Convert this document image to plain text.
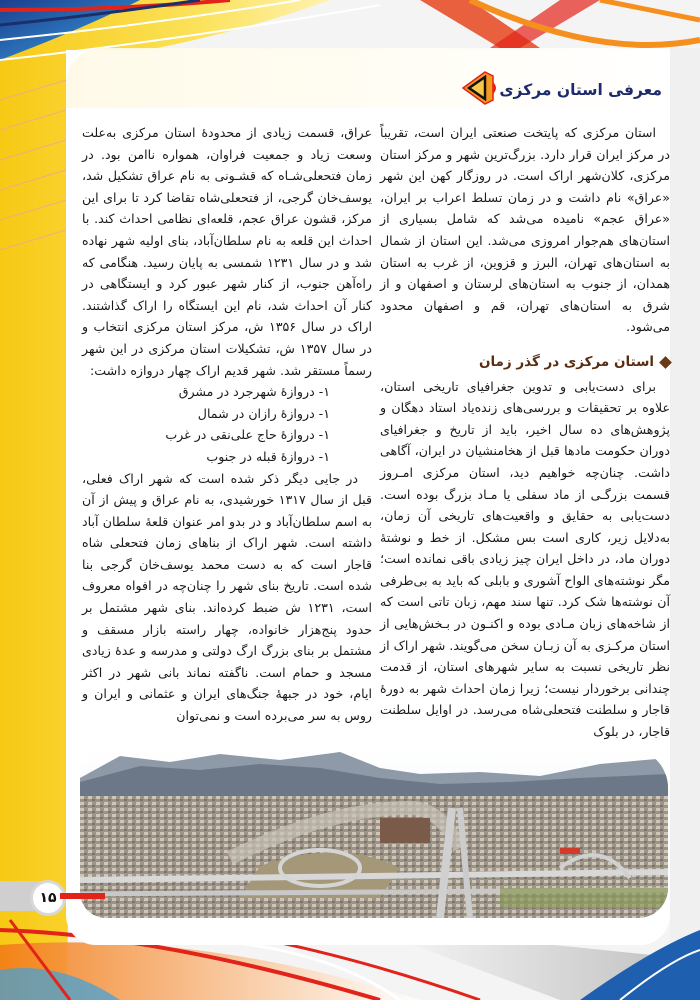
معرفی استان مرکزی

استان مرکزی که پایتخت صنعتی ایران است، تقریباً در مرکز ایران قرار دارد. بزرگ‌ترین شهر و مرکز استان مرکزی، کلان‌شهر اراک است. در روزگار کهن این شهر «عراق» نام داشت و در زمان تسلط اعراب بر ایران، «عراق عجم» نامیده می‌شد که شامل بسیاری از استان‌های هم‌جوار امروزی می‌شد. این استان از شمال به استان‌های تهران، البرز و قزوین، از غرب به استان همدان، از جنوب به استان‌های لرستان و اصفهان و از شرق به استان‌های تهران، قم و اصفهان محدود می‌شود.

استان مرکزی در گذر زمان

برای دست‌یابی و تدوین جغرافیای تاریخی استان، علاوه بر تحقیقات و بررسی‌های زنده‌یاد استاد دهگان و پژوهش‌های ده سال اخیر، باید از تاریخ و جغرافیای دوران حکومت مادها قبل از هخامنشیان در ایران، آگاهی داشت. چنان‌چه خواهیم دید، استان مرکزی امـروز قسمت بزرگـی از ماد سفلی یا مـاد بزرگ بوده است. دست‌یابی به حقایق و واقعیت‌های تاریخی آن زمان، به‌دلایل زیر، کاری است بس مشکل. از خط و نوشتهٔ دوران ماد، در داخل ایران چیز زیادی باقی نمانده است؛ مگر نوشته‌های الواح آشوری و بابلی که باید به بی‌طرفی آن نوشته‌ها شک کرد. تنها سند مهم، زبان تاتی است که از شاخه‌های زبان مـادی بوده و اکنـون در بـخش‌هایی از استان مرکـزی به آن زبـان سخن می‌گویند. شهر اراک از نظر تاریخی نسبت به سایر شهرهای استان، از قدمت چندانی برخوردار نیست؛ زیرا زمان احداث شهر به دورهٔ قاجار و سلطنت فتحعلی‌شاه می‌رسد. در اوایل سلطنت قاجار، در بلوک

عراق، قسمت زیادی از محدودهٔ استان مرکزی به‌علت وسعت زیاد و جمعیت فراوان، همواره ناامن بود. در زمان فتحعلی‌شـاه که قشـونی به نام عراق تشکیل شد، یوسف‌خان گرجی، از فتحعلی‌شاه تقاضا کرد تا برای این مرکز، قشون عراق عجم، قلعه‌ای نظامی احداث کند. با احداث این قلعه به نام سلطان‌آباد، بنای اولیه شهر نهاده شد و در سال ۱۲۳۱ شمسی به پایان رسید. هنگامی که راه‌آهن جنوب، از کنار شهر عبور کرد و ایستگاهی در کنار آن احداث شد، نام این ایستگاه را اراک گذاشتند. اراک در سال ۱۳۵۶ ش، مرکز استان مرکزی انتخاب و در سال ۱۳۵۷ ش، تشکیلات استان مرکزی در این شهر رسماً مستقر شد. شهر قدیم اراک چهار دروازه داشت:

۱- دروازهٔ شهرجرد در مشرق

۱- دروازهٔ رازان در شمال

۱- دروازهٔ حاج علی‌نقی در غرب

۱- دروازهٔ قبله در جنوب

در جایی دیگر ذکر شده است که شهر اراک فعلی، قبل از سال ۱۳۱۷ خورشیدی، به نام عراق و پیش از آن به اسم سلطان‌آباد و در بدو امر عنوان قلعهٔ سلطان آباد داشته است. شهر اراک از بناهای زمان فتحعلی شاه قاجار است که به دست محمد یوسف‌خان گرجی بنا شده است. تاریخ بنای شهر را چنان‌چه در افواه معروف است، ۱۲۳۱ ش ضبط کرده‌اند. بنای شهر مشتمل بر حدود پنج‌هزار خانواده، چهار راسته بازار مسقف و مشتمل بر بنای بزرگ ارگ دولتی و مدرسه و عدهٔ زیادی مسجد و حمام است. ناگفته نماند بانی شهر در اکثر ایام، خود در جبههٔ جنگ‌های ایران و عثمانی و ایران و روس به سر می‌برده است و نمی‌توان

۱۵
